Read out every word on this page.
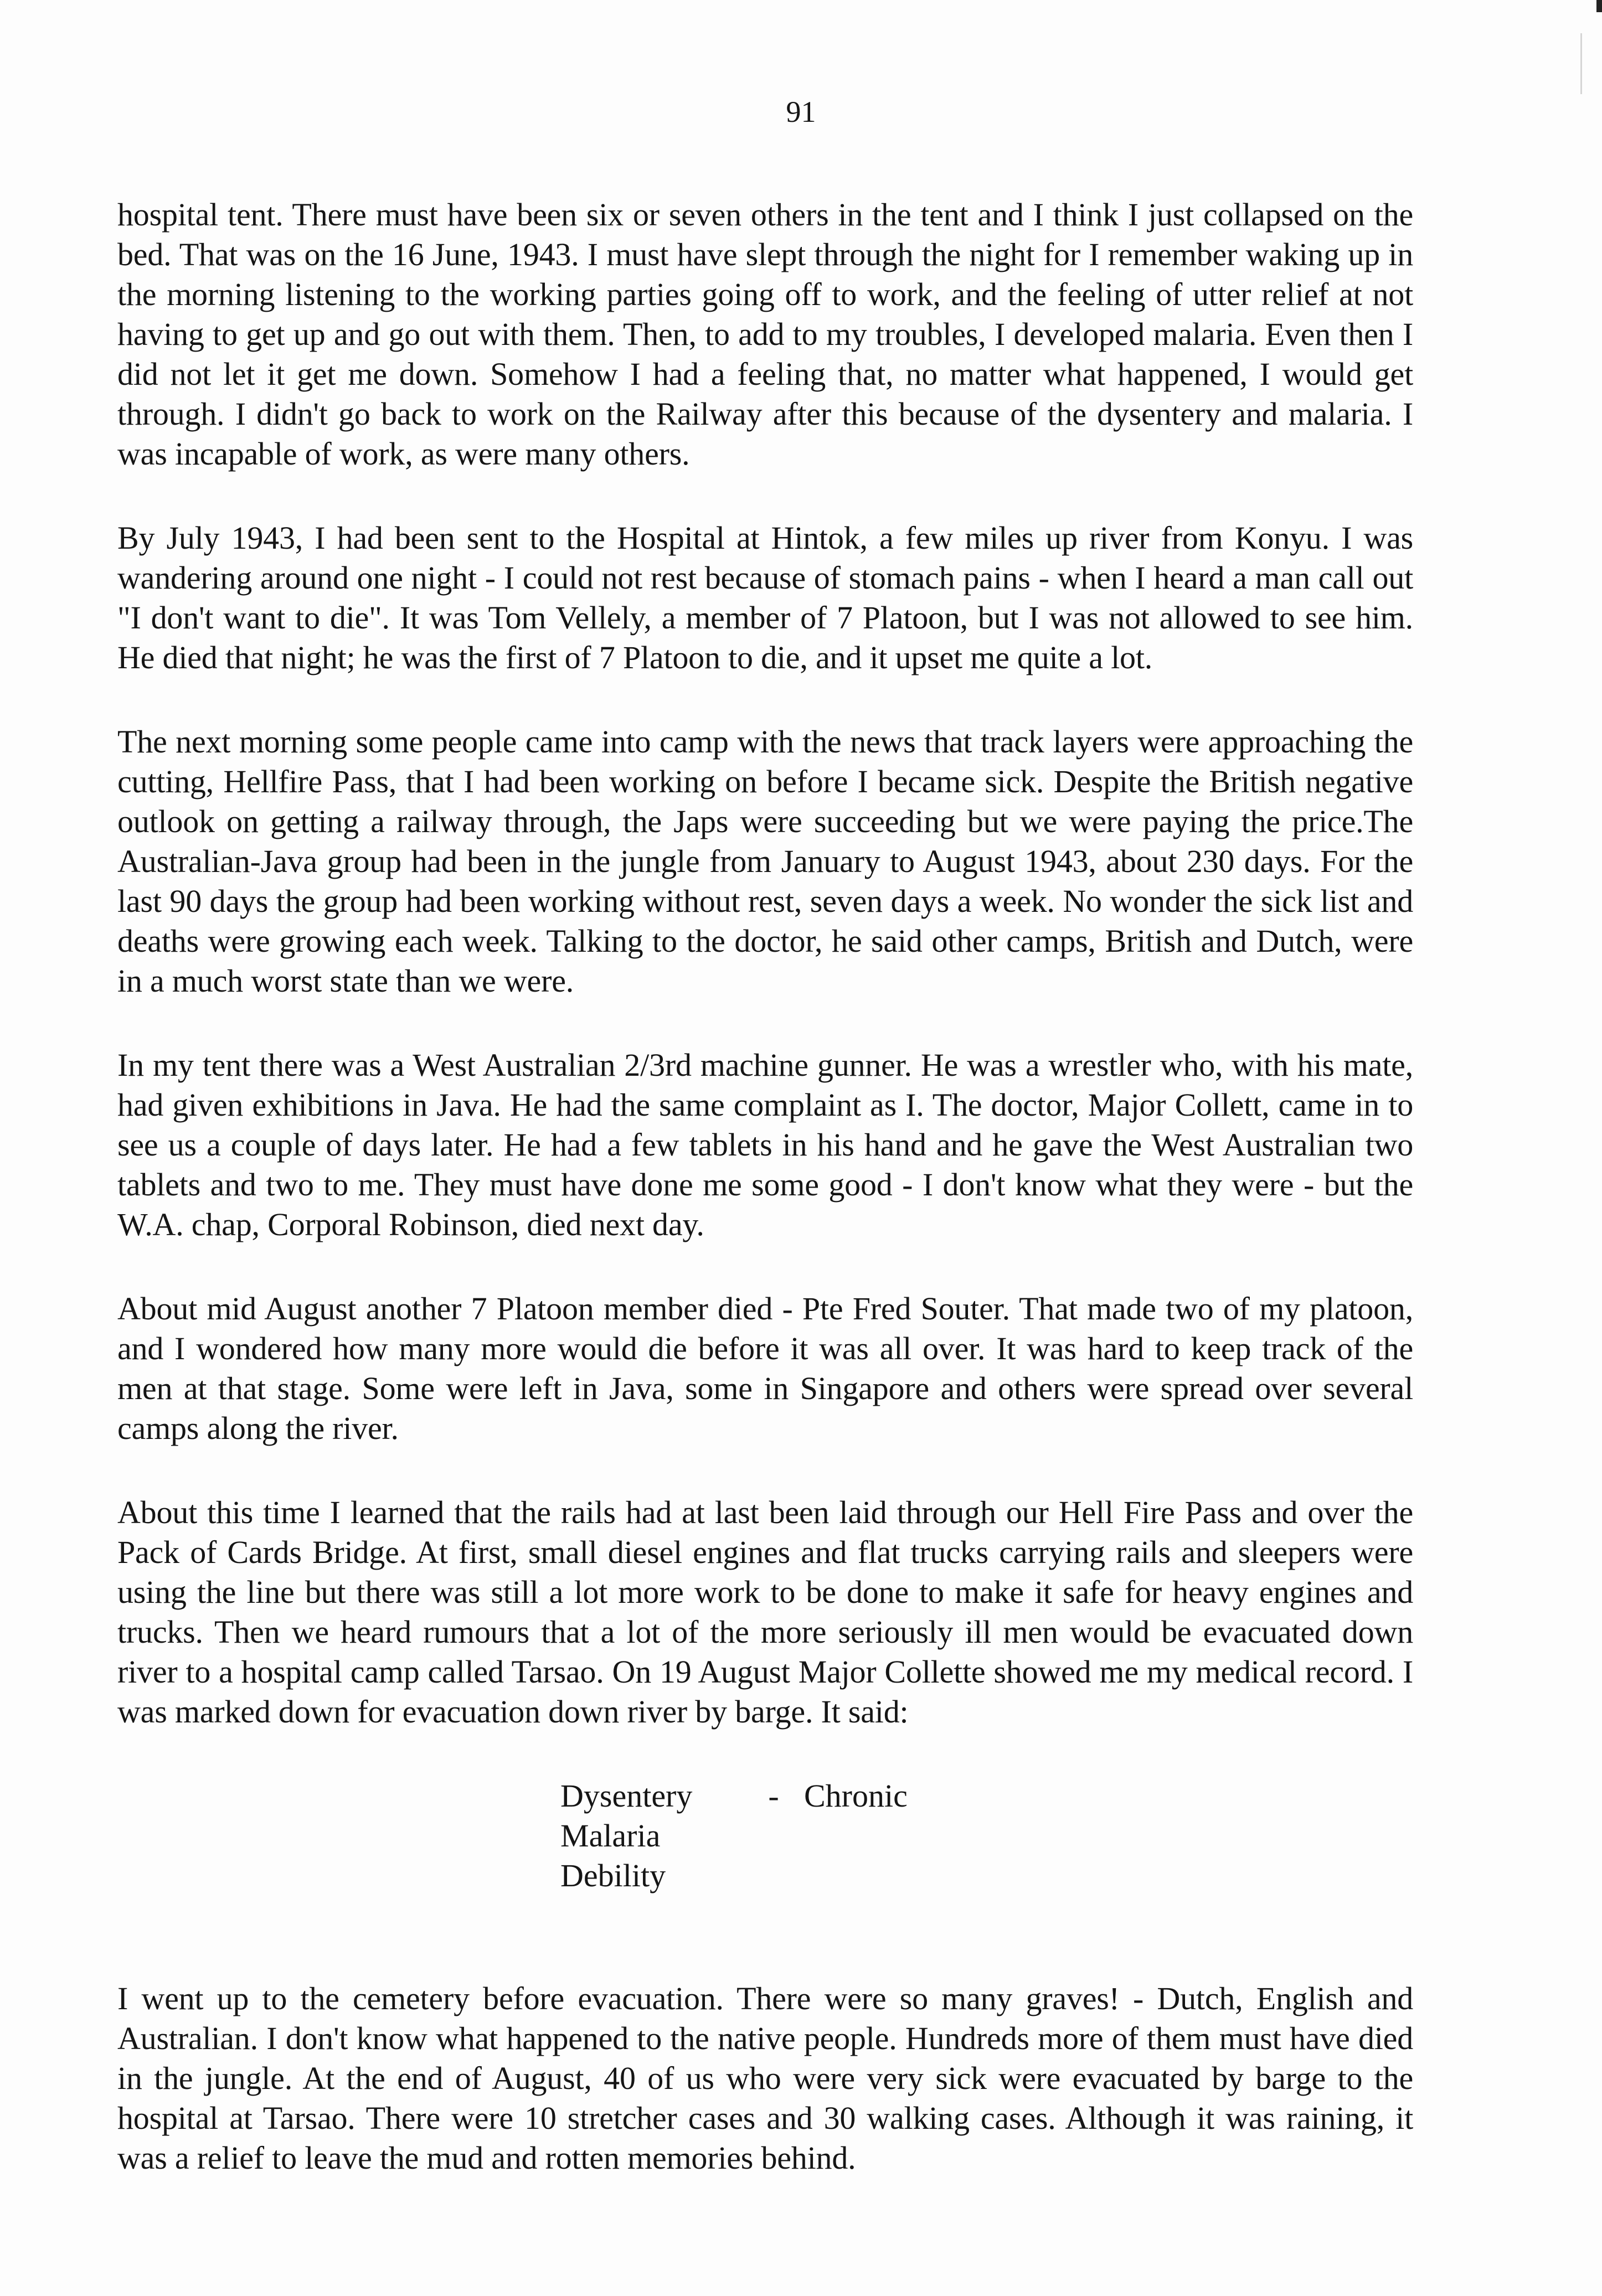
91

hospital tent. There must have been six or seven others in the tent and I think I just collapsed on the bed. That was on the 16 June, 1943. I must have slept through the night for I remember waking up in the morning listening to the working parties going off to work, and the feeling of utter relief at not having to get up and go out with them. Then, to add to my troubles, I developed malaria. Even then I did not let it get me down. Somehow I had a feeling that, no matter what happened, I would get through. I didn't go back to work on the Railway after this because of the dysentery and malaria. I was incapable of work, as were many others.

By July 1943, I had been sent to the Hospital at Hintok, a few miles up river from Konyu. I was wandering around one night - I could not rest because of stomach pains - when I heard a man call out "I don't want to die". It was Tom Vellely, a member of 7 Platoon, but I was not allowed to see him. He died that night; he was the first of 7 Platoon to die, and it upset me quite a lot.

The next morning some people came into camp with the news that track layers were approaching the cutting, Hellfire Pass, that I had been working on before I became sick. Despite the British negative outlook on getting a railway through, the Japs were succeeding but we were paying the price.The Australian-Java group had been in the jungle from January to August 1943, about 230 days. For the last 90 days the group had been working without rest, seven days a week. No wonder the sick list and deaths were growing each week. Talking to the doctor, he said other camps, British and Dutch, were in a much worst state than we were.

In my tent there was a West Australian 2/3rd machine gunner. He was a wrestler who, with his mate, had given exhibitions in Java. He had the same complaint as I. The doctor, Major Collett, came in to see us a couple of days later. He had a few tablets in his hand and he gave the West Australian two tablets and two to me. They must have done me some good - I don't know what they were - but the W.A. chap, Corporal Robinson, died next day.

About mid August another 7 Platoon member died - Pte Fred Souter. That made two of my platoon, and I wondered how many more would die before it was all over. It was hard to keep track of the men at that stage. Some were left in Java, some in Singapore and others were spread over several camps along the river.

About this time I learned that the rails had at last been laid through our Hell Fire Pass and over the Pack of Cards Bridge. At first, small diesel engines and flat trucks carrying rails and sleepers were using the line but there was still a lot more work to be done to make it safe for heavy engines and trucks. Then we heard rumours that a lot of the more seriously ill men would be evacuated down river to a hospital camp called Tarsao. On 19 August Major Collette showed me my medical record. I was marked down for evacuation down river by barge. It said:

Dysentery	- Chronic
Malaria
Debility

I went up to the cemetery before evacuation. There were so many graves! - Dutch, English and Australian. I don't know what happened to the native people. Hundreds more of them must have died in the jungle. At the end of August, 40 of us who were very sick were evacuated by barge to the hospital at Tarsao. There were 10 stretcher cases and 30 walking cases. Although it was raining, it was a relief to leave the mud and rotten memories behind.
